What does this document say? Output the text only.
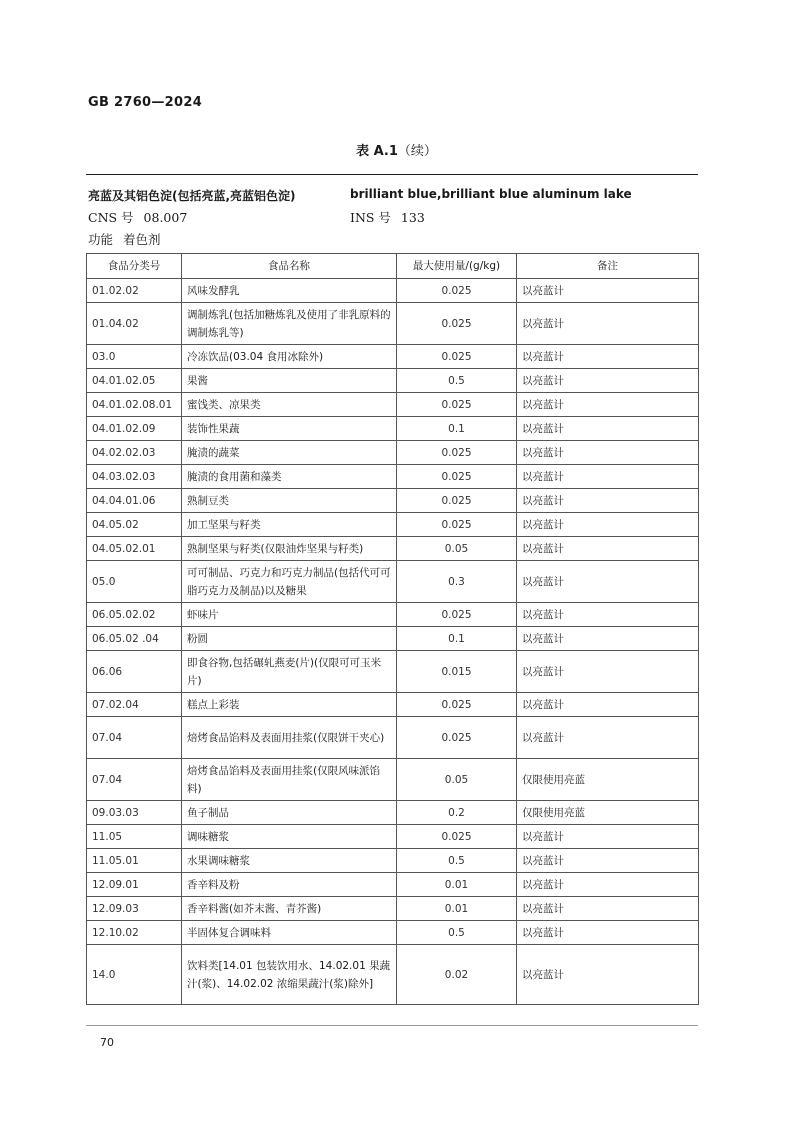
GB 2760—2024
表 A.1（续）
亮蓝及其铝色淀(包括亮蓝,亮蓝铝色淀)	brilliant blue,brilliant blue aluminum lake
CNS 号 08.007	INS 号 133
功能 着色剂
食品分类号	食品名称	最大使用量/(g/kg)	备注
01.02.02	风味发酵乳	0.025	以亮蓝计
01.04.02	调制炼乳(包括加糖炼乳及使用了非乳原料的调制炼乳等)	0.025	以亮蓝计
03.0	冷冻饮品(03.04 食用冰除外)	0.025	以亮蓝计
04.01.02.05	果酱	0.5	以亮蓝计
04.01.02.08.01	蜜饯类、凉果类	0.025	以亮蓝计
04.01.02.09	装饰性果蔬	0.1	以亮蓝计
04.02.02.03	腌渍的蔬菜	0.025	以亮蓝计
04.03.02.03	腌渍的食用菌和藻类	0.025	以亮蓝计
04.04.01.06	熟制豆类	0.025	以亮蓝计
04.05.02	加工坚果与籽类	0.025	以亮蓝计
04.05.02.01	熟制坚果与籽类(仅限油炸坚果与籽类)	0.05	以亮蓝计
05.0	可可制品、巧克力和巧克力制品(包括代可可脂巧克力及制品)以及糖果	0.3	以亮蓝计
06.05.02.02	虾味片	0.025	以亮蓝计
06.05.02 .04	粉圆	0.1	以亮蓝计
06.06	即食谷物,包括碾轧燕麦(片)(仅限可可玉米片)	0.015	以亮蓝计
07.02.04	糕点上彩装	0.025	以亮蓝计
07.04	焙烤食品馅料及表面用挂浆(仅限饼干夹心)	0.025	以亮蓝计
07.04	焙烤食品馅料及表面用挂浆(仅限风味派馅料)	0.05	仅限使用亮蓝
09.03.03	鱼子制品	0.2	仅限使用亮蓝
11.05	调味糖浆	0.025	以亮蓝计
11.05.01	水果调味糖浆	0.5	以亮蓝计
12.09.01	香辛料及粉	0.01	以亮蓝计
12.09.03	香辛料酱(如芥末酱、青芥酱)	0.01	以亮蓝计
12.10.02	半固体复合调味料	0.5	以亮蓝计
14.0	饮料类[14.01 包装饮用水、14.02.01 果蔬汁(浆)、14.02.02 浓缩果蔬汁(浆)除外]	0.02	以亮蓝计
70
